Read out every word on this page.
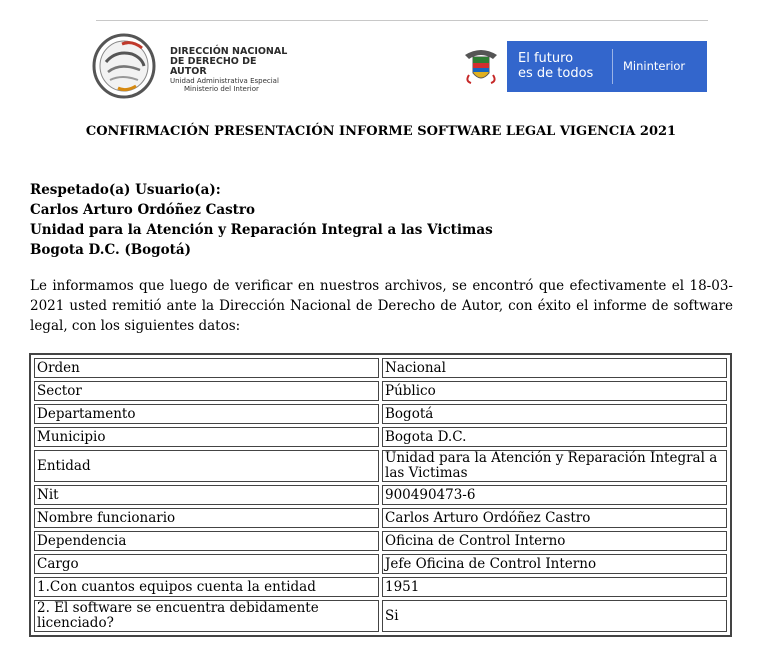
DIRECCIÓN NACIONAL
DE DERECHO DE AUTOR
Unidad Administrativa Especial
Ministerio del Interior
El futuro
es de todos	Mininterior
CONFIRMACIÓN PRESENTACIÓN INFORME SOFTWARE LEGAL VIGENCIA 2021
Respetado(a) Usuario(a):
Carlos Arturo Ordóñez Castro
Unidad para la Atención y Reparación Integral a las Victimas
Bogota D.C. (Bogotá)
Le informamos que luego de verificar en nuestros archivos, se encontró que efectivamente el 18-03-2021 usted remitió ante la Dirección Nacional de Derecho de Autor, con éxito el informe de software legal, con los siguientes datos:
Orden	Nacional
Sector	Público
Departamento	Bogotá
Municipio	Bogota D.C.
Entidad	Unidad para la Atención y Reparación Integral a las Victimas
Nit	900490473-6
Nombre funcionario	Carlos Arturo Ordóñez Castro
Dependencia	Oficina de Control Interno
Cargo	Jefe Oficina de Control Interno
1.Con cuantos equipos cuenta la entidad	1951
2. El software se encuentra debidamente licenciado?	Si
